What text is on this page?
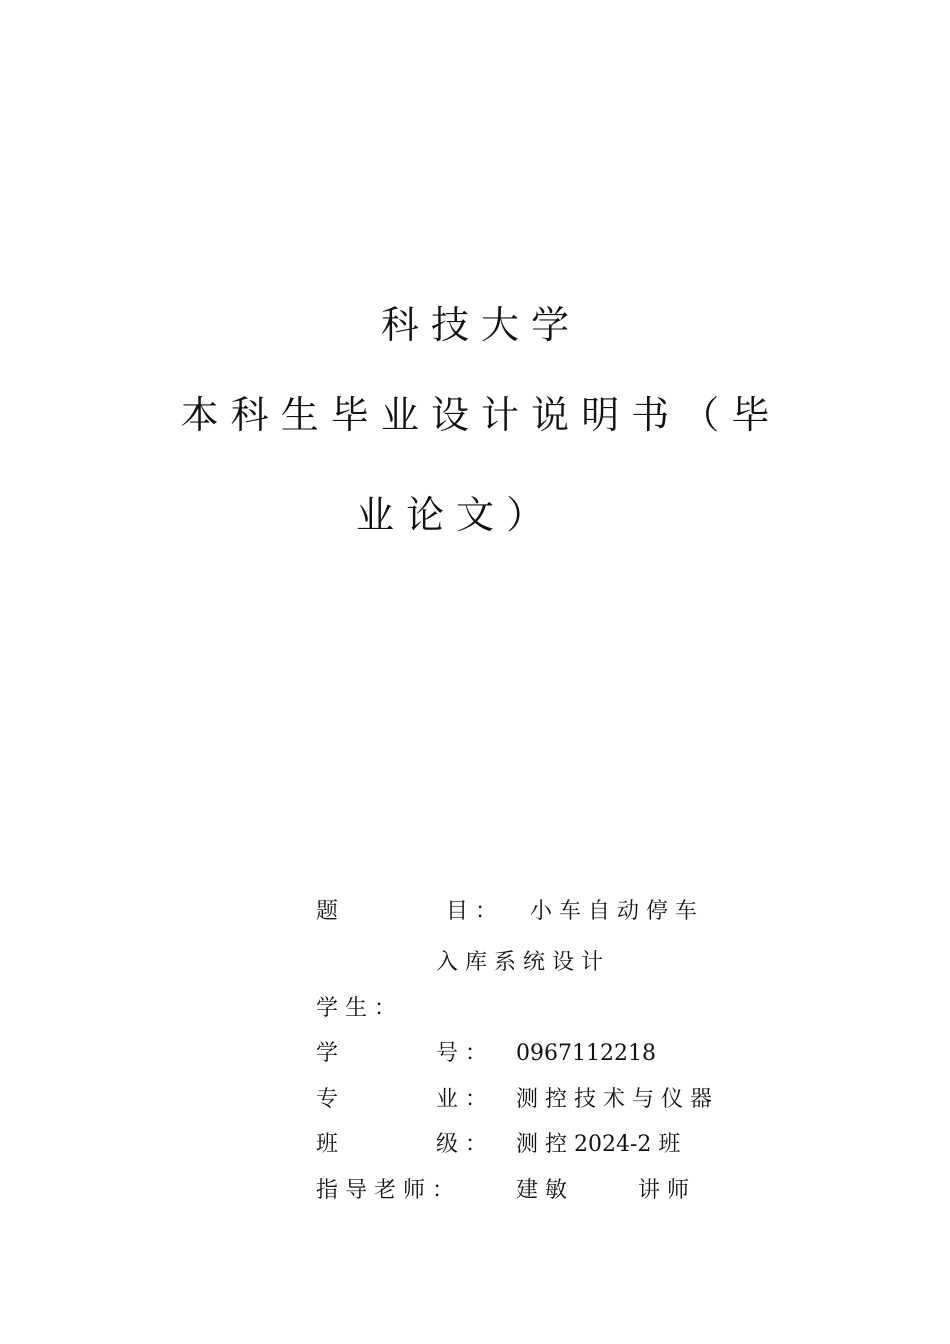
科 技 大 学
本 科 生 毕 业 设 计 说 明 书 （ 毕
业 论 文 ）
题	目 ： 小 车 自 动 停 车
入 库 系 统 设 计
学 生 ：
学	号 ： 0967112218
专	业 ： 测 控 技 术 与 仪 器
班	级 ： 测 控 2024-2 班
指 导 老 师 ：	建 敏	讲 师
